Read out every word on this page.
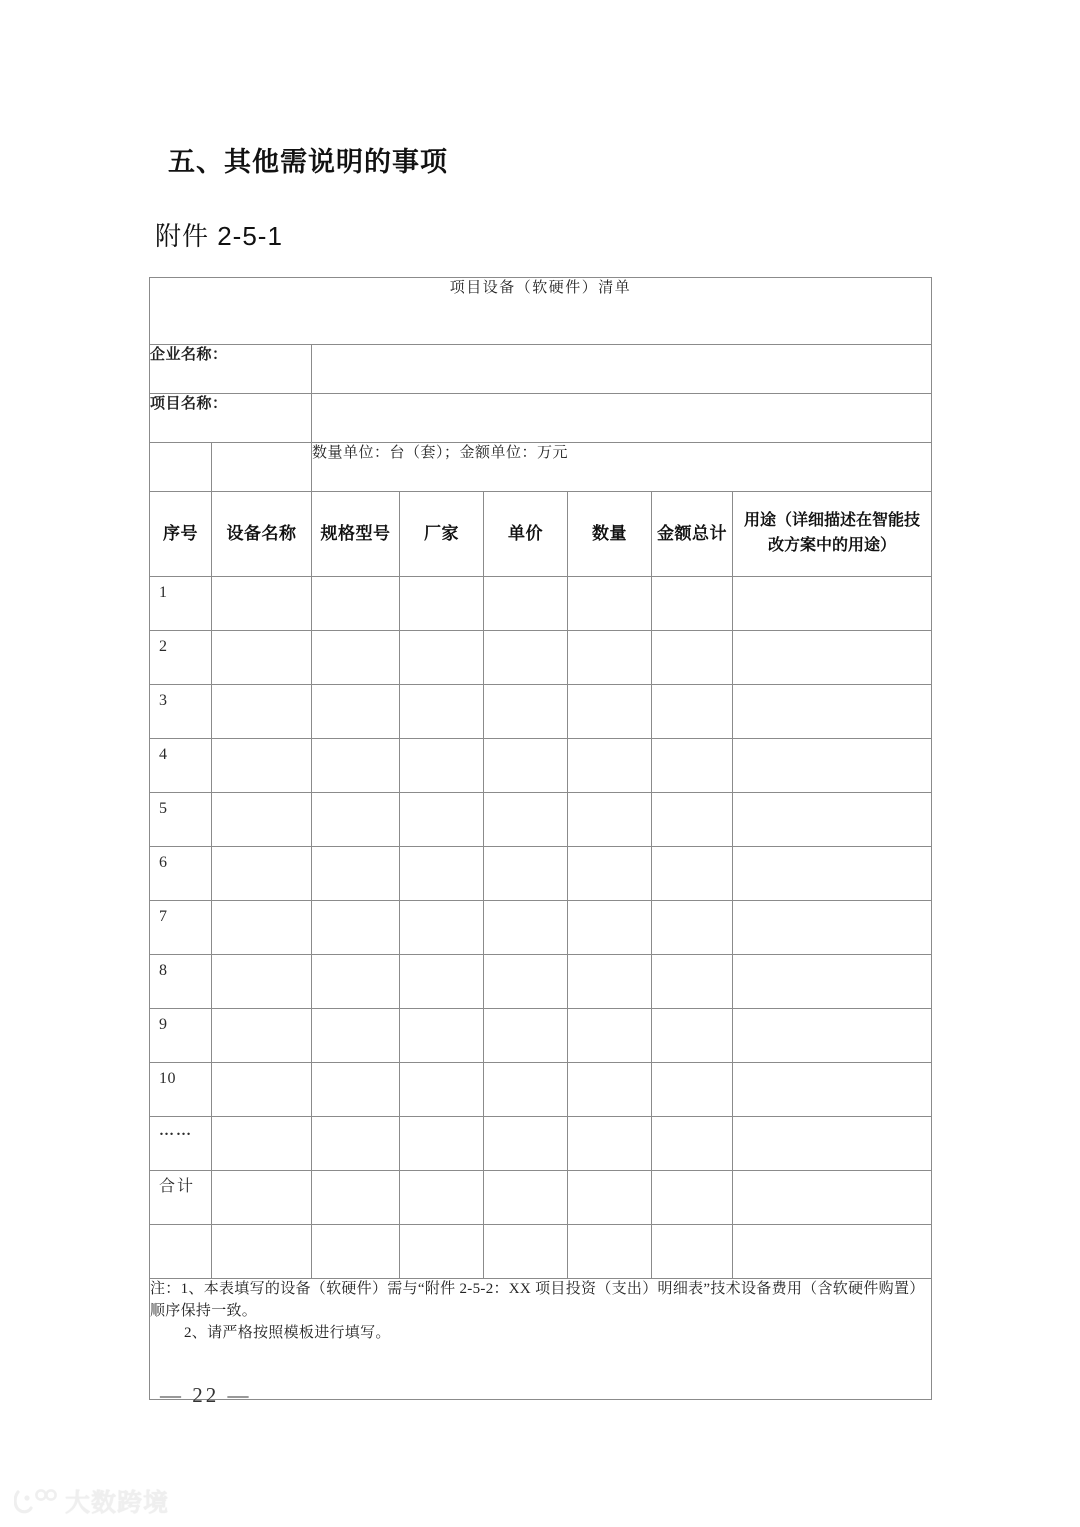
五、其他需说明的事项
附件 2-5-1
项目设备（软硬件）清单							
企业名称：							
项目名称：							
		数量单位：台（套）；金额单位：万元					
序号	设备名称	规格型号	厂家	单价	数量	金额总计	用途（详细描述在智能技改方案中的用途）
1							
2							
3							
4							
5							
6							
7							
8							
9							
10							
……							
合计							

注：1、本表填写的设备（软硬件）需与“附件 2-5-2：XX 项目投资（支出）明细表”技术设备费用（含软硬件购置）顺序保持一致。
2、请严格按照模板进行填写。							
— 22 —
大数跨境
